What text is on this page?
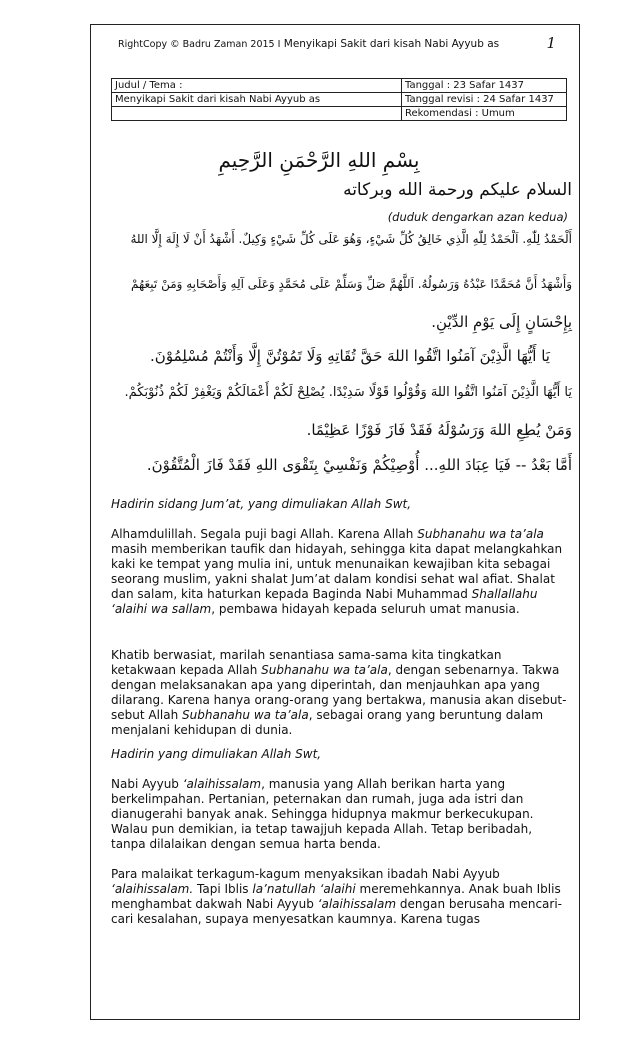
RightCopy © Badru Zaman 2015 I Menyikapi Sakit dari kisah Nabi Ayyub as	1
Judul / Tema :	Tanggal : 23 Safar 1437
Menyikapi Sakit dari kisah Nabi Ayyub as	Tanggal revisi : 24 Safar 1437
	Rekomendasi : Umum
بِسْمِ اللهِ الرَّحْمَنِ الرَّحِيمِ
السلام عليكم ورحمة الله وبركاته
(duduk dengarkan azan kedua)
أَلْحَمْدُ لِلّٰهِ. اَلْحَمْدُ لِلّٰهِ الَّذِي خَالِقُ كُلِّ شَيْءٍ، وَهُوَ عَلَى كُلِّ شَيْءٍ وَكِيلٌ. أَشْهَدُ أَنْ لَا إِلَهَ إِلَّا اللهُ
وَأَشْهَدُ أَنَّ مُحَمَّدًا عَبْدُهُ وَرَسُولُهُ. اَللَّهُمَّ صَلِّ وَسَلِّمْ عَلَى مُحَمَّدٍ وَعَلَى آلِهِ وَأَصْحَابِهِ وَمَنْ تَبِعَهُمْ
بِإِحْسَانٍ إِلَى يَوْمِ الدِّيْنِ.
يَا أَيُّهَا الَّذِيْنَ آمَنُوا اتَّقُوا اللهَ حَقَّ تُقَاتِهِ وَلَا تَمُوْتُنَّ إِلَّا وَأَنْتُمْ مُسْلِمُوْنَ.
يَا أَيُّهَا الَّذِيْنَ آمَنُوا اتَّقُوا اللهَ وَقُوْلُوا قَوْلًا سَدِيْدًا. يُصْلِحْ لَكُمْ أَعْمَالَكُمْ وَيَغْفِرْ لَكُمْ ذُنُوْبَكُمْ.
وَمَنْ يُطِعِ اللهَ وَرَسُوْلَهُ فَقَدْ فَازَ فَوْزًا عَظِيْمًا.
أَمَّا بَعْدُ -- فَيَا عِبَادَ اللهِ... أُوْصِيْكُمْ وَنَفْسِيْ بِتَقْوَى اللهِ فَقَدْ فَازَ الْمُتَّقُوْنَ.

Hadirin sidang Jum’at, yang dimuliakan Allah Swt,

Alhamdulillah. Segala puji bagi Allah. Karena Allah Subhanahu wa ta’ala masih memberikan taufik dan hidayah, sehingga kita dapat melangkahkan kaki ke tempat yang mulia ini, untuk menunaikan kewajiban kita sebagai seorang muslim, yakni shalat Jum’at dalam kondisi sehat wal afiat. Shalat dan salam, kita haturkan kepada Baginda Nabi Muhammad Shallallahu ‘alaihi wa sallam, pembawa hidayah kepada seluruh umat manusia.

Khatib berwasiat, marilah senantiasa sama-sama kita tingkatkan ketakwaan kepada Allah Subhanahu wa ta’ala, dengan sebenarnya. Takwa dengan melaksanakan apa yang diperintah, dan menjauhkan apa yang dilarang. Karena hanya orang-orang yang bertakwa, manusia akan disebut-sebut Allah Subhanahu wa ta’ala, sebagai orang yang beruntung dalam menjalani kehidupan di dunia.

Hadirin yang dimuliakan Allah Swt,

Nabi Ayyub ‘alaihissalam, manusia yang Allah berikan harta yang berkelimpahan. Pertanian, peternakan dan rumah, juga ada istri dan dianugerahi banyak anak. Sehingga hidupnya makmur berkecukupan. Walau pun demikian, ia tetap tawajjuh kepada Allah. Tetap beribadah, tanpa dilalaikan dengan semua harta benda.

Para malaikat terkagum-kagum menyaksikan ibadah Nabi Ayyub ‘alaihissalam. Tapi Iblis la’natullah ‘alaihi meremehkannya. Anak buah Iblis menghambat dakwah Nabi Ayyub ‘alaihissalam dengan berusaha mencari-cari kesalahan, supaya menyesatkan kaumnya. Karena tugas
